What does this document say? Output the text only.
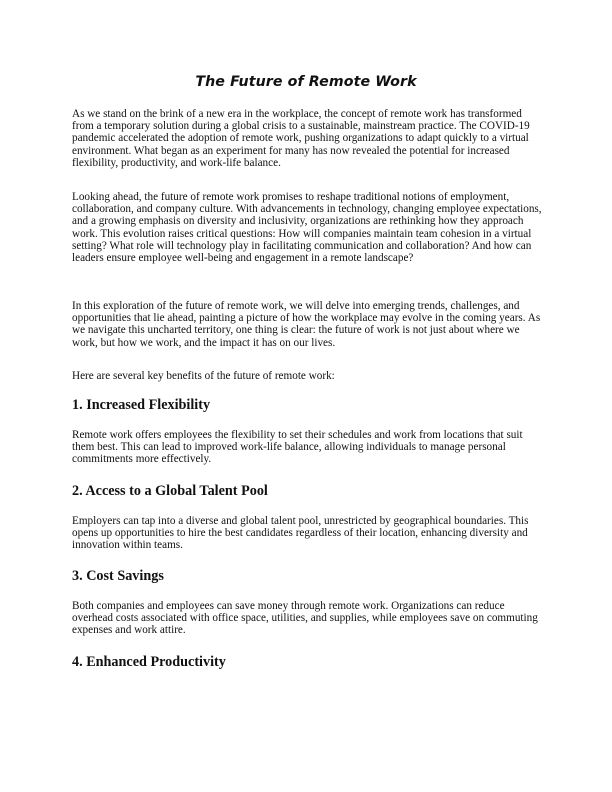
The Future of Remote Work

As we stand on the brink of a new era in the workplace, the concept of remote work has transformed from a temporary solution during a global crisis to a sustainable, mainstream practice. The COVID-19 pandemic accelerated the adoption of remote work, pushing organizations to adapt quickly to a virtual environment. What began as an experiment for many has now revealed the potential for increased flexibility, productivity, and work-life balance.

Looking ahead, the future of remote work promises to reshape traditional notions of employment, collaboration, and company culture. With advancements in technology, changing employee expectations, and a growing emphasis on diversity and inclusivity, organizations are rethinking how they approach work. This evolution raises critical questions: How will companies maintain team cohesion in a virtual setting? What role will technology play in facilitating communication and collaboration? And how can leaders ensure employee well-being and engagement in a remote landscape?

In this exploration of the future of remote work, we will delve into emerging trends, challenges, and opportunities that lie ahead, painting a picture of how the workplace may evolve in the coming years. As we navigate this uncharted territory, one thing is clear: the future of work is not just about where we work, but how we work, and the impact it has on our lives.

Here are several key benefits of the future of remote work:

1. Increased Flexibility

Remote work offers employees the flexibility to set their schedules and work from locations that suit them best. This can lead to improved work-life balance, allowing individuals to manage personal commitments more effectively.

2. Access to a Global Talent Pool

Employers can tap into a diverse and global talent pool, unrestricted by geographical boundaries. This opens up opportunities to hire the best candidates regardless of their location, enhancing diversity and innovation within teams.

3. Cost Savings

Both companies and employees can save money through remote work. Organizations can reduce overhead costs associated with office space, utilities, and supplies, while employees save on commuting expenses and work attire.

4. Enhanced Productivity
